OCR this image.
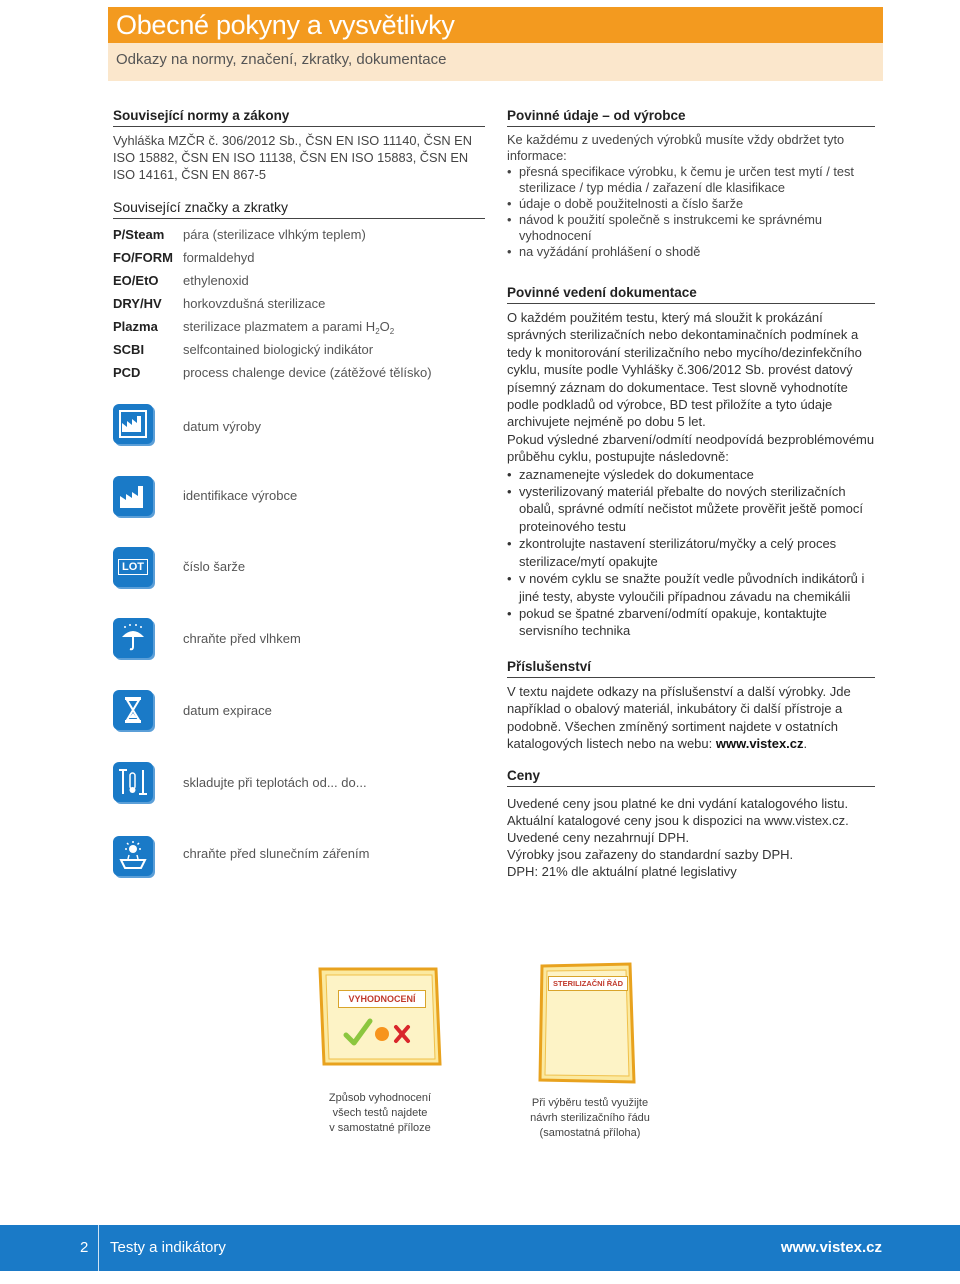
Obecné pokyny a vysvětlivky
Odkazy na normy, značení, zkratky, dokumentace
Související normy a zákony
Vyhláška MZČR č. 306/2012 Sb., ČSN EN ISO 11140, ČSN EN ISO 15882, ČSN EN ISO 11138, ČSN EN ISO 15883, ČSN EN ISO 14161, ČSN EN 867-5
Související značky a zkratky
P/Steam	pára (sterilizace vlhkým teplem)
FO/FORM formaldehyd
EO/EtO	ethylenoxid
DRY/HV	horkovzdušná sterilizace
Plazma	sterilizace plazmatem a parami $H_2O_2$
SCBI	selfcontained biologický indikátor
PCD	process chalenge device (zátěžové tělísko)
datum výroby
identifikace výrobce
LOT	číslo šarže
chraňte před vlhkem
datum expirace
skladujte při teplotách od... do...
chraňte před slunečním zářením
Povinné údaje – od výrobce
Ke každému z uvedených výrobků musíte vždy obdržet tyto informace:
• přesná specifikace výrobku, k čemu je určen test mytí / test sterilizace / typ média / zařazení dle klasifikace
• údaje o době použitelnosti a číslo šarže
• návod k použití společně s instrukcemi ke správnému vyhodnocení
• na vyžádání prohlášení o shodě
Povinné vedení dokumentace
O každém použitém testu, který má sloužit k prokázání správných sterilizačních nebo dekontaminačních podmínek a tedy k monitorování sterilizačního nebo mycího/dezinfekčního cyklu, musíte podle Vyhlášky č.306/2012 Sb. provést datový písemný záznam do dokumentace. Test slovně vyhodnotíte podle podkladů od výrobce, BD test přiložíte a tyto údaje archivujete nejméně po dobu 5 let.
Pokud výsledné zbarvení/odmítí neodpovídá bezproblémovému průběhu cyklu, postupujte následovně:
• zaznamenejte výsledek do dokumentace
• vysterilizovaný materiál přebalte do nových sterilizačních obalů, správné odmítí nečistot můžete prověřit ještě pomocí proteinového testu
• zkontrolujte nastavení sterilizátoru/myčky a celý proces sterilizace/mytí opakujte
• v novém cyklu se snažte použít vedle původních indikátorů i jiné testy, abyste vyloučili případnou závadu na chemikálii
• pokud se špatné zbarvení/odmítí opakuje, kontaktujte servisního technika
Příslušenství
V textu najdete odkazy na příslušenství a další výrobky. Jde například o obalový materiál, inkubátory či další přístroje a podobně. Všechen zmíněný sortiment najdete v ostatních katalogových listech nebo na webu: www.vistex.cz.
Ceny
Uvedené ceny jsou platné ke dni vydání katalogového listu.
Aktuální katalogové ceny jsou k dispozici na www.vistex.cz.
Uvedené ceny nezahrnují DPH.
Výrobky jsou zařazeny do standardní sazby DPH.
DPH: 21% dle aktuální platné legislativy
VYHODNOCENÍ
Způsob vyhodnocení
všech testů najdete
v samostatné příloze
STERILIZAČNÍ ŘÁD
Při výběru testů využijte
návrh sterilizačního řádu
(samostatná příloha)
2 Testy a indikátory	www.vistex.cz
